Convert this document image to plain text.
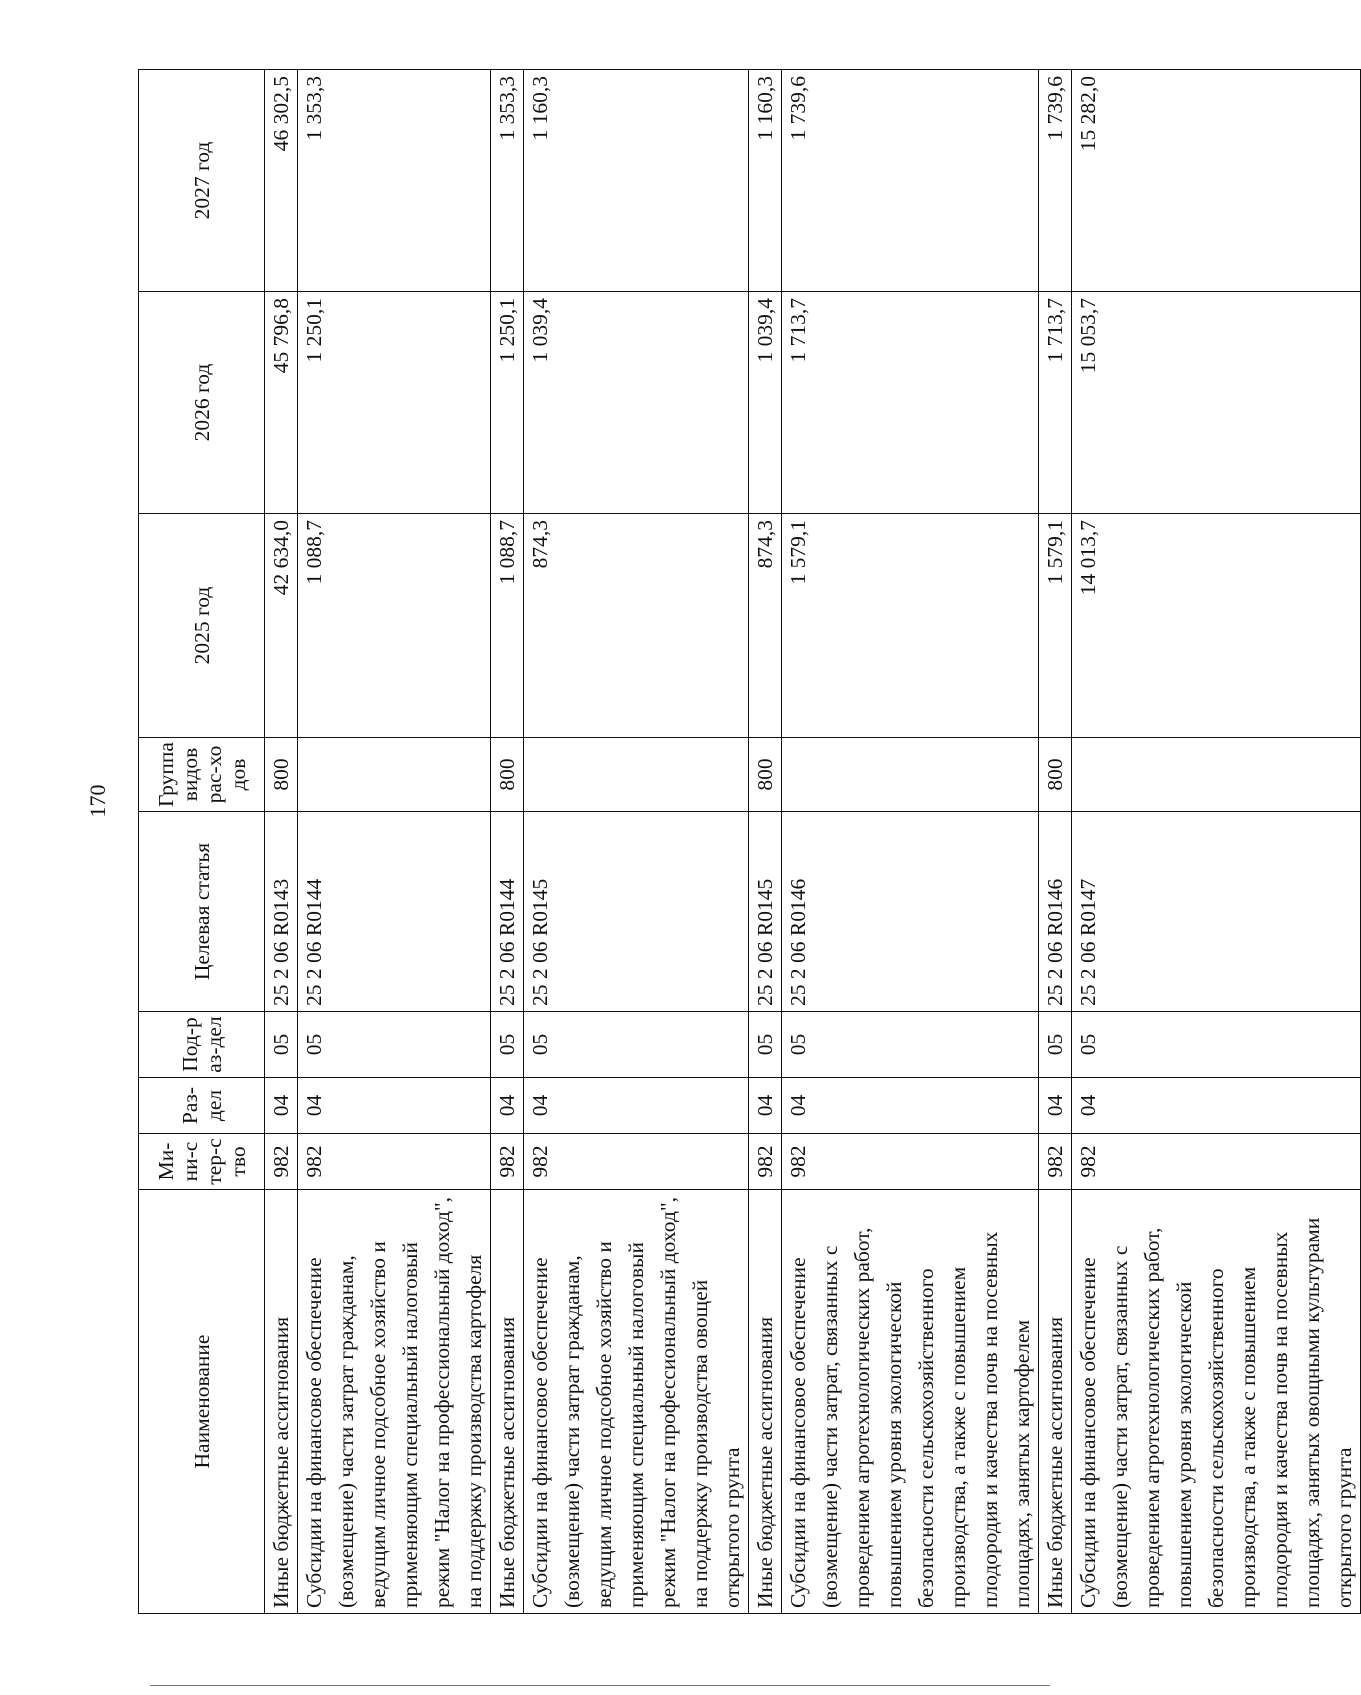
170
Наименование	Ми-ни-стер-ство	Раз-дел	Под-раз-дел	Целевая статья	Группа видов рас-ходов	2025 год	2026 год	2027 год
Иные бюджетные ассигнования	982	04	05	25 2 06 R0143	800	42 634,0	45 796,8	46 302,5
Субсидии на финансовое обеспечение (возмещение) части затрат гражданам, ведущим личное подсобное хозяйство и применяющим специальный налоговый режим "Налог на профессиональный доход", на поддержку производства картофеля	982	04	05	25 2 06 R0144		1 088,7	1 250,1	1 353,3
Иные бюджетные ассигнования	982	04	05	25 2 06 R0144	800	1 088,7	1 250,1	1 353,3
Субсидии на финансовое обеспечение (возмещение) части затрат гражданам, ведущим личное подсобное хозяйство и применяющим специальный налоговый режим "Налог на профессиональный доход", на поддержку производства овощей открытого грунта	982	04	05	25 2 06 R0145		874,3	1 039,4	1 160,3
Иные бюджетные ассигнования	982	04	05	25 2 06 R0145	800	874,3	1 039,4	1 160,3
Субсидии на финансовое обеспечение (возмещение) части затрат, связанных с проведением агротехнологических работ, повышением уровня экологической безопасности сельскохозяйственного производства, а также с повышением плодородия и качества почв на посевных площадях, занятых картофелем	982	04	05	25 2 06 R0146		1 579,1	1 713,7	1 739,6
Иные бюджетные ассигнования	982	04	05	25 2 06 R0146	800	1 579,1	1 713,7	1 739,6
Субсидии на финансовое обеспечение (возмещение) части затрат, связанных с проведением агротехнологических работ, повышением уровня экологической безопасности сельскохозяйственного производства, а также с повышением плодородия и качества почв на посевных площадях, занятых овощными культурами открытого грунта	982	04	05	25 2 06 R0147		14 013,7	15 053,7	15 282,0
